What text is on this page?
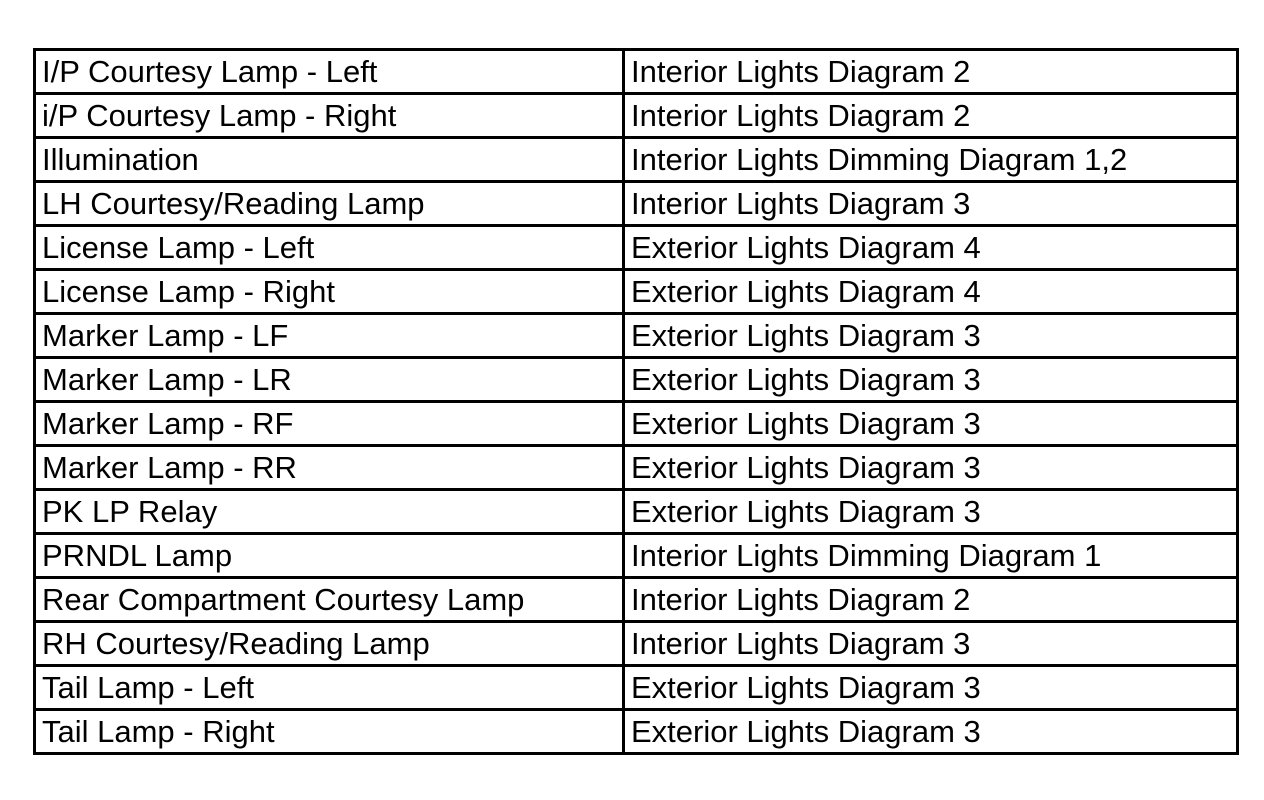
I/P Courtesy Lamp - Left	Interior Lights Diagram 2
i/P Courtesy Lamp - Right	Interior Lights Diagram 2
Illumination	Interior Lights Dimming Diagram 1,2
LH Courtesy/Reading Lamp	Interior Lights Diagram 3
License Lamp - Left	Exterior Lights Diagram 4
License Lamp - Right	Exterior Lights Diagram 4
Marker Lamp - LF	Exterior Lights Diagram 3
Marker Lamp - LR	Exterior Lights Diagram 3
Marker Lamp - RF	Exterior Lights Diagram 3
Marker Lamp - RR	Exterior Lights Diagram 3
PK LP Relay	Exterior Lights Diagram 3
PRNDL Lamp	Interior Lights Dimming Diagram 1
Rear Compartment Courtesy Lamp	Interior Lights Diagram 2
RH Courtesy/Reading Lamp	Interior Lights Diagram 3
Tail Lamp - Left	Exterior Lights Diagram 3
Tail Lamp - Right	Exterior Lights Diagram 3
